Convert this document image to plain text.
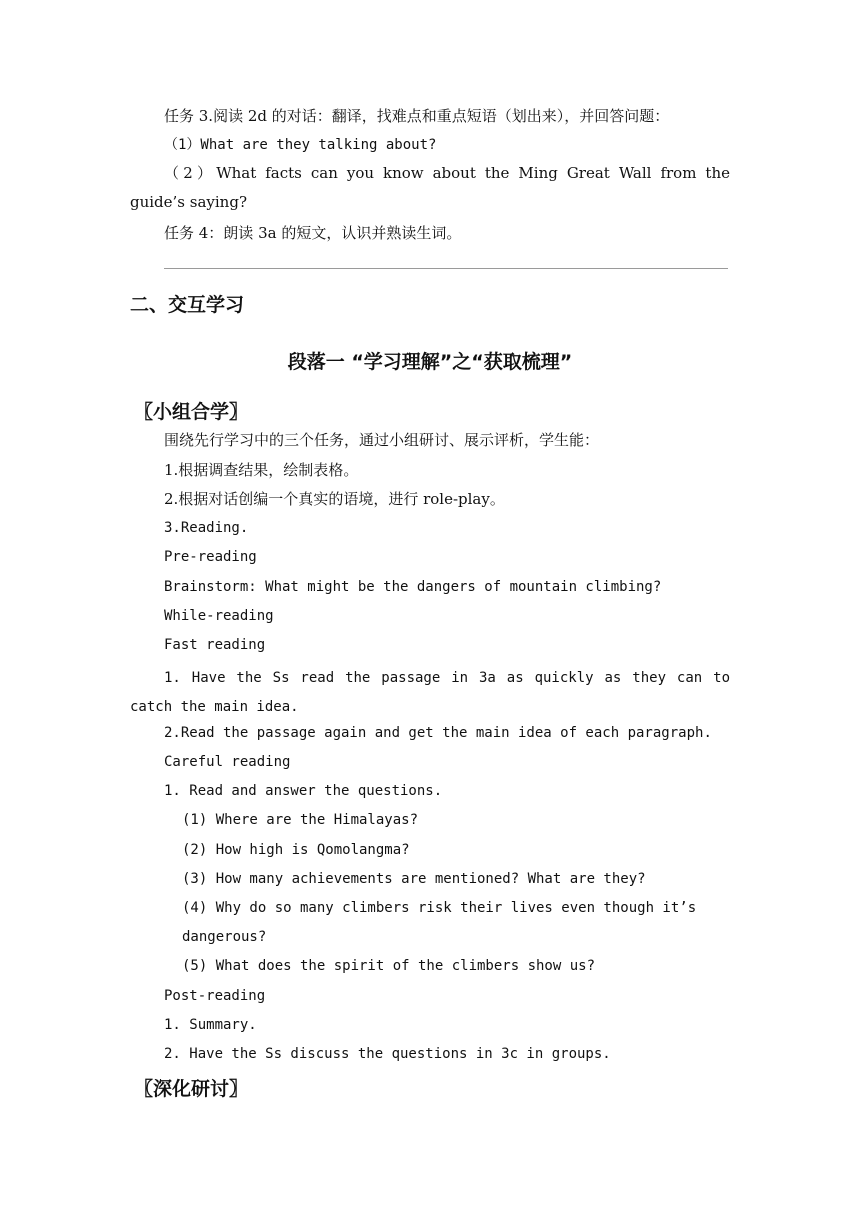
任务 3.阅读 2d 的对话：翻译，找难点和重点短语（划出来），并回答问题：
（1）What are they talking about?
（2）What facts can you know about the Ming Great Wall from the guide’s saying?
任务 4：朗读 3a 的短文，认识并熟读生词。
二、交互学习
段落一 “学习理解”之“获取梳理”
〖小组合学〗
围绕先行学习中的三个任务，通过小组研讨、展示评析，学生能：
1.根据调查结果，绘制表格。
2.根据对话创编一个真实的语境，进行 role-play。
3.Reading.
Pre-reading
Brainstorm: What might be the dangers of mountain climbing?
While-reading
Fast reading
1. Have the Ss read the passage in 3a as quickly as they can to catch the main idea.
2.Read the passage again and get the main idea of each paragraph.
Careful reading
1. Read and answer the questions.
(1) Where are the Himalayas?
(2) How high is Qomolangma?
(3) How many achievements are mentioned? What are they?
(4) Why do so many climbers risk their lives even though it’s
dangerous?
(5) What does the spirit of the climbers show us?
Post-reading
1. Summary.
2. Have the Ss discuss the questions in 3c in groups.
〖深化研讨〗
